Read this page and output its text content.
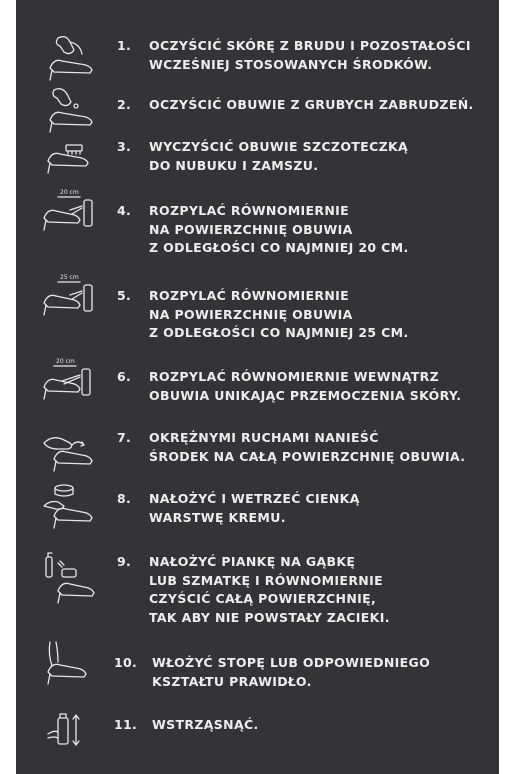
1.	OCZYŚCIĆ SKÓRĘ Z BRUDU I POZOSTAŁOŚCI
WCZEŚNIEJ STOSOWANYCH ŚRODKÓW.
2.	OCZYŚCIĆ OBUWIE Z GRUBYCH ZABRUDZEŃ.
3.	WYCZYŚCIĆ OBUWIE SZCZOTECZKĄ
DO NUBUKU I ZAMSZU.
20 cm
4.	ROZPYLAĆ RÓWNOMIERNIE
NA POWIERZCHNIĘ OBUWIA
Z ODLEGŁOŚCI CO NAJMNIEJ 20 CM.
25 cm
5.	ROZPYLAĆ RÓWNOMIERNIE
NA POWIERZCHNIĘ OBUWIA
Z ODLEGŁOŚCI CO NAJMNIEJ 25 CM.
20 cm
6.	ROZPYLAĆ RÓWNOMIERNIE WEWNĄTRZ
OBUWIA UNIKAJĄC PRZEMOCZENIA SKÓRY.
7.	OKRĘŻNYMI RUCHAMI NANIEŚĆ
ŚRODEK NA CAŁĄ POWIERZCHNIĘ OBUWIA.
8.	NAŁOŻYĆ I WETRZEĆ CIENKĄ
WARSTWĘ KREMU.
9.	NAŁOŻYĆ PIANKĘ NA GĄBKĘ
LUB SZMATKĘ I RÓWNOMIERNIE
CZYŚCIĆ CAŁĄ POWIERZCHNIĘ,
TAK ABY NIE POWSTAŁY ZACIEKI.
10.	WŁOŻYĆ STOPĘ LUB ODPOWIEDNIEGO
KSZTAŁTU PRAWIDŁO.
11.	WSTRZĄSNĄĆ.
